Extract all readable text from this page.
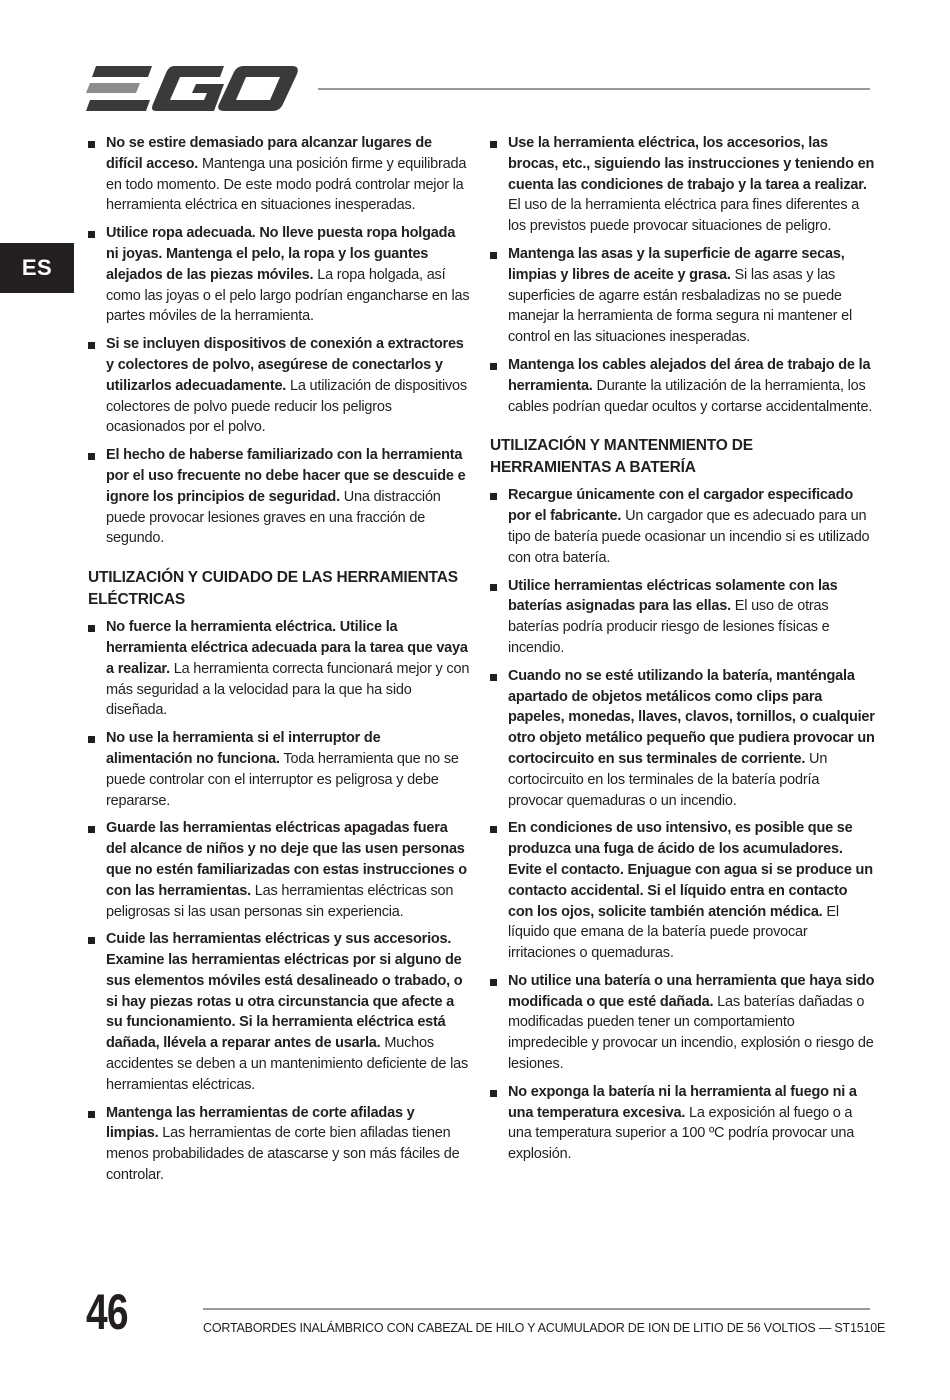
ES
No se estire demasiado para alcanzar lugares de difícil acceso. Mantenga una posición firme y equilibrada en todo momento. De este modo podrá controlar mejor la herramienta eléctrica en situaciones inesperadas.
Utilice ropa adecuada. No lleve puesta ropa holgada ni joyas. Mantenga el pelo, la ropa y los guantes alejados de las piezas móviles. La ropa holgada, así como las joyas o el pelo largo podrían engancharse en las partes móviles de la herramienta.
Si se incluyen dispositivos de conexión a extractores y colectores de polvo, asegúrese de conectarlos y utilizarlos adecuadamente. La utilización de dispositivos colectores de polvo puede reducir los peligros ocasionados por el polvo.
El hecho de haberse familiarizado con la herramienta por el uso frecuente no debe hacer que se descuide e ignore los principios de seguridad. Una distracción puede provocar lesiones graves en una fracción de segundo.
UTILIZACIÓN Y CUIDADO DE LAS HERRAMIENTAS ELÉCTRICAS
No fuerce la herramienta eléctrica. Utilice la herramienta eléctrica adecuada para la tarea que vaya a realizar. La herramienta correcta funcionará mejor y con más seguridad a la velocidad para la que ha sido diseñada.
No use la herramienta si el interruptor de alimentación no funciona. Toda herramienta que no se puede controlar con el interruptor es peligrosa y debe repararse.
Guarde las herramientas eléctricas apagadas fuera del alcance de niños y no deje que las usen personas que no estén familiarizadas con estas instrucciones o con las herramientas. Las herramientas eléctricas son peligrosas si las usan personas sin experiencia.
Cuide las herramientas eléctricas y sus accesorios. Examine las herramientas eléctricas por si alguno de sus elementos móviles está desalineado o trabado, o si hay piezas rotas u otra circunstancia que afecte a su funcionamiento. Si la herramienta eléctrica está dañada, llévela a reparar antes de usarla. Muchos accidentes se deben a un mantenimiento deficiente de las herramientas eléctricas.
Mantenga las herramientas de corte afiladas y limpias. Las herramientas de corte bien afiladas tienen menos probabilidades de atascarse y son más fáciles de controlar.
Use la herramienta eléctrica, los accesorios, las brocas, etc., siguiendo las instrucciones y teniendo en cuenta las condiciones de trabajo y la tarea a realizar. El uso de la herramienta eléctrica para fines diferentes a los previstos puede provocar situaciones de peligro.
Mantenga las asas y la superficie de agarre secas, limpias y libres de aceite y grasa. Si las asas y las superficies de agarre están resbaladizas no se puede manejar la herramienta de forma segura ni mantener el control en las situaciones inesperadas.
Mantenga los cables alejados del área de trabajo de la herramienta. Durante la utilización de la herramienta, los cables podrían quedar ocultos y cortarse accidentalmente.
UTILIZACIÓN Y MANTENMIENTO DE HERRAMIENTAS A BATERÍA
Recargue únicamente con el cargador especificado por el fabricante. Un cargador que es adecuado para un tipo de batería puede ocasionar un incendio si es utilizado con otra batería.
Utilice herramientas eléctricas solamente con las baterías asignadas para las ellas. El uso de otras baterías podría producir riesgo de lesiones físicas e incendio.
Cuando no se esté utilizando la batería, manténgala apartado de objetos metálicos como clips para papeles, monedas, llaves, clavos, tornillos, o cualquier otro objeto metálico pequeño que pudiera provocar un cortocircuito en sus terminales de corriente. Un cortocircuito en los terminales de la batería podría provocar quemaduras o un incendio.
En condiciones de uso intensivo, es posible que se produzca una fuga de ácido de los acumuladores. Evite el contacto. Enjuague con agua si se produce un contacto accidental. Si el líquido entra en contacto con los ojos, solicite también atención médica. El líquido que emana de la batería puede provocar irritaciones o quemaduras.
No utilice una batería o una herramienta que haya sido modificada o que esté dañada. Las baterías dañadas o modificadas pueden tener un comportamiento impredecible y provocar un incendio, explosión o riesgo de lesiones.
No exponga la batería ni la herramienta al fuego ni a una temperatura excesiva. La exposición al fuego o a una temperatura superior a 100 ºC podría provocar una explosión.
46	CORTABORDES INALÁMBRICO CON CABEZAL DE HILO Y ACUMULADOR DE ION DE LITIO DE 56 VOLTIOS — ST1510E
